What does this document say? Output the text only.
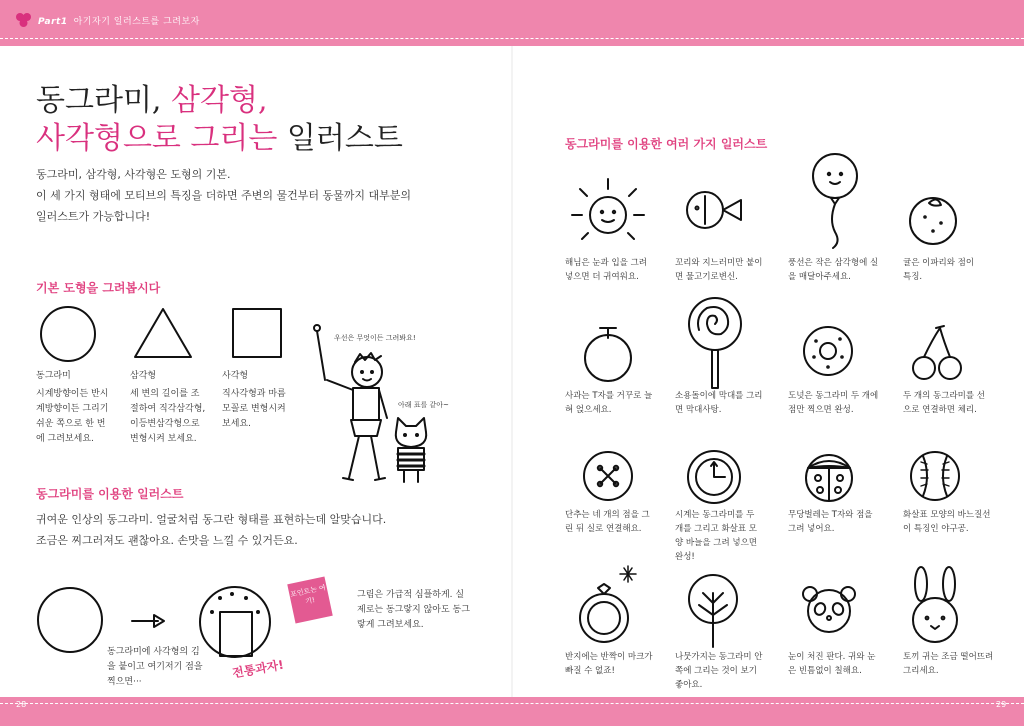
Part1 아기자기 일러스트를 그려보자
28	29
동그라미, 삼각형,
사각형으로 그리는 일러스트
동그라미, 삼각형, 사각형은 도형의 기본.
이 세 가지 형태에 모티브의 특징을 더하면 주변의 물건부터 동물까지 대부분의
일러스트가 가능합니다!
기본 도형을 그려봅시다
동그라미
시계방향이든 반시
계방향이든 그리기
쉬운 쪽으로 한 번
에 그려보세요.
삼각형
세 변의 길이를 조
절하여 직각삼각형,
이등변삼각형으로
변형시켜 보세요.
사각형
직사각형과 마름
모꼴로 변형시켜
보세요.
우선은 무엇이든 그려봐요!
아래 표를 같아~
동그라미를 이용한 일러스트
귀여운 인상의 동그라미. 얼굴처럼 동그란 형태를 표현하는데 알맞습니다.
조금은 찌그러져도 괜찮아요. 손맛을 느낄 수 있거든요.
포인트는 여기!
동그라미에 사각형의 김
을 붙이고 여기저기 점을
찍으면···
전통과자!
그림은 가급적 심플하게. 실
제로는 동그랗지 않아도 동그
랗게 그려보세요.
동그라미를 이용한 여러 가지 일러스트
해님은 눈과 입을 그려
넣으면 더 귀여워요.
꼬리와 지느러미만 붙이
면 물고기로변신.
풍선은 작은 삼각형에 실
을 매달아주세요.
귤은 이파리와 점이
특징.
사과는 T자를 거꾸로 늘
혀 얹으세요.
소용돌이에 막대를 그리
면 막대사탕.
도넛은 동그라미 두 개에
점만 찍으면 완성.
두 개의 동그라미를 선
으로 연결하면 체리.
단추는 네 개의 점을 그
린 뒤 실로 연결해요.
시계는 동그라미를 두
개를 그리고 화살표 모
양 바늘을 그려 넣으면
완성!
무당벌레는 T자와 점을
그려 넣어요.
화살표 모양의 바느질선
이 특징인 야구공.
반지에는 반짝이 마크가
빠질 수 없죠!
나뭇가지는 동그라미 안
쪽에 그리는 것이 보기
좋아요.
눈이 처진 판다. 귀와 눈
은 빈틈없이 칠해요.
토끼 귀는 조금 떨어뜨려
그리세요.
